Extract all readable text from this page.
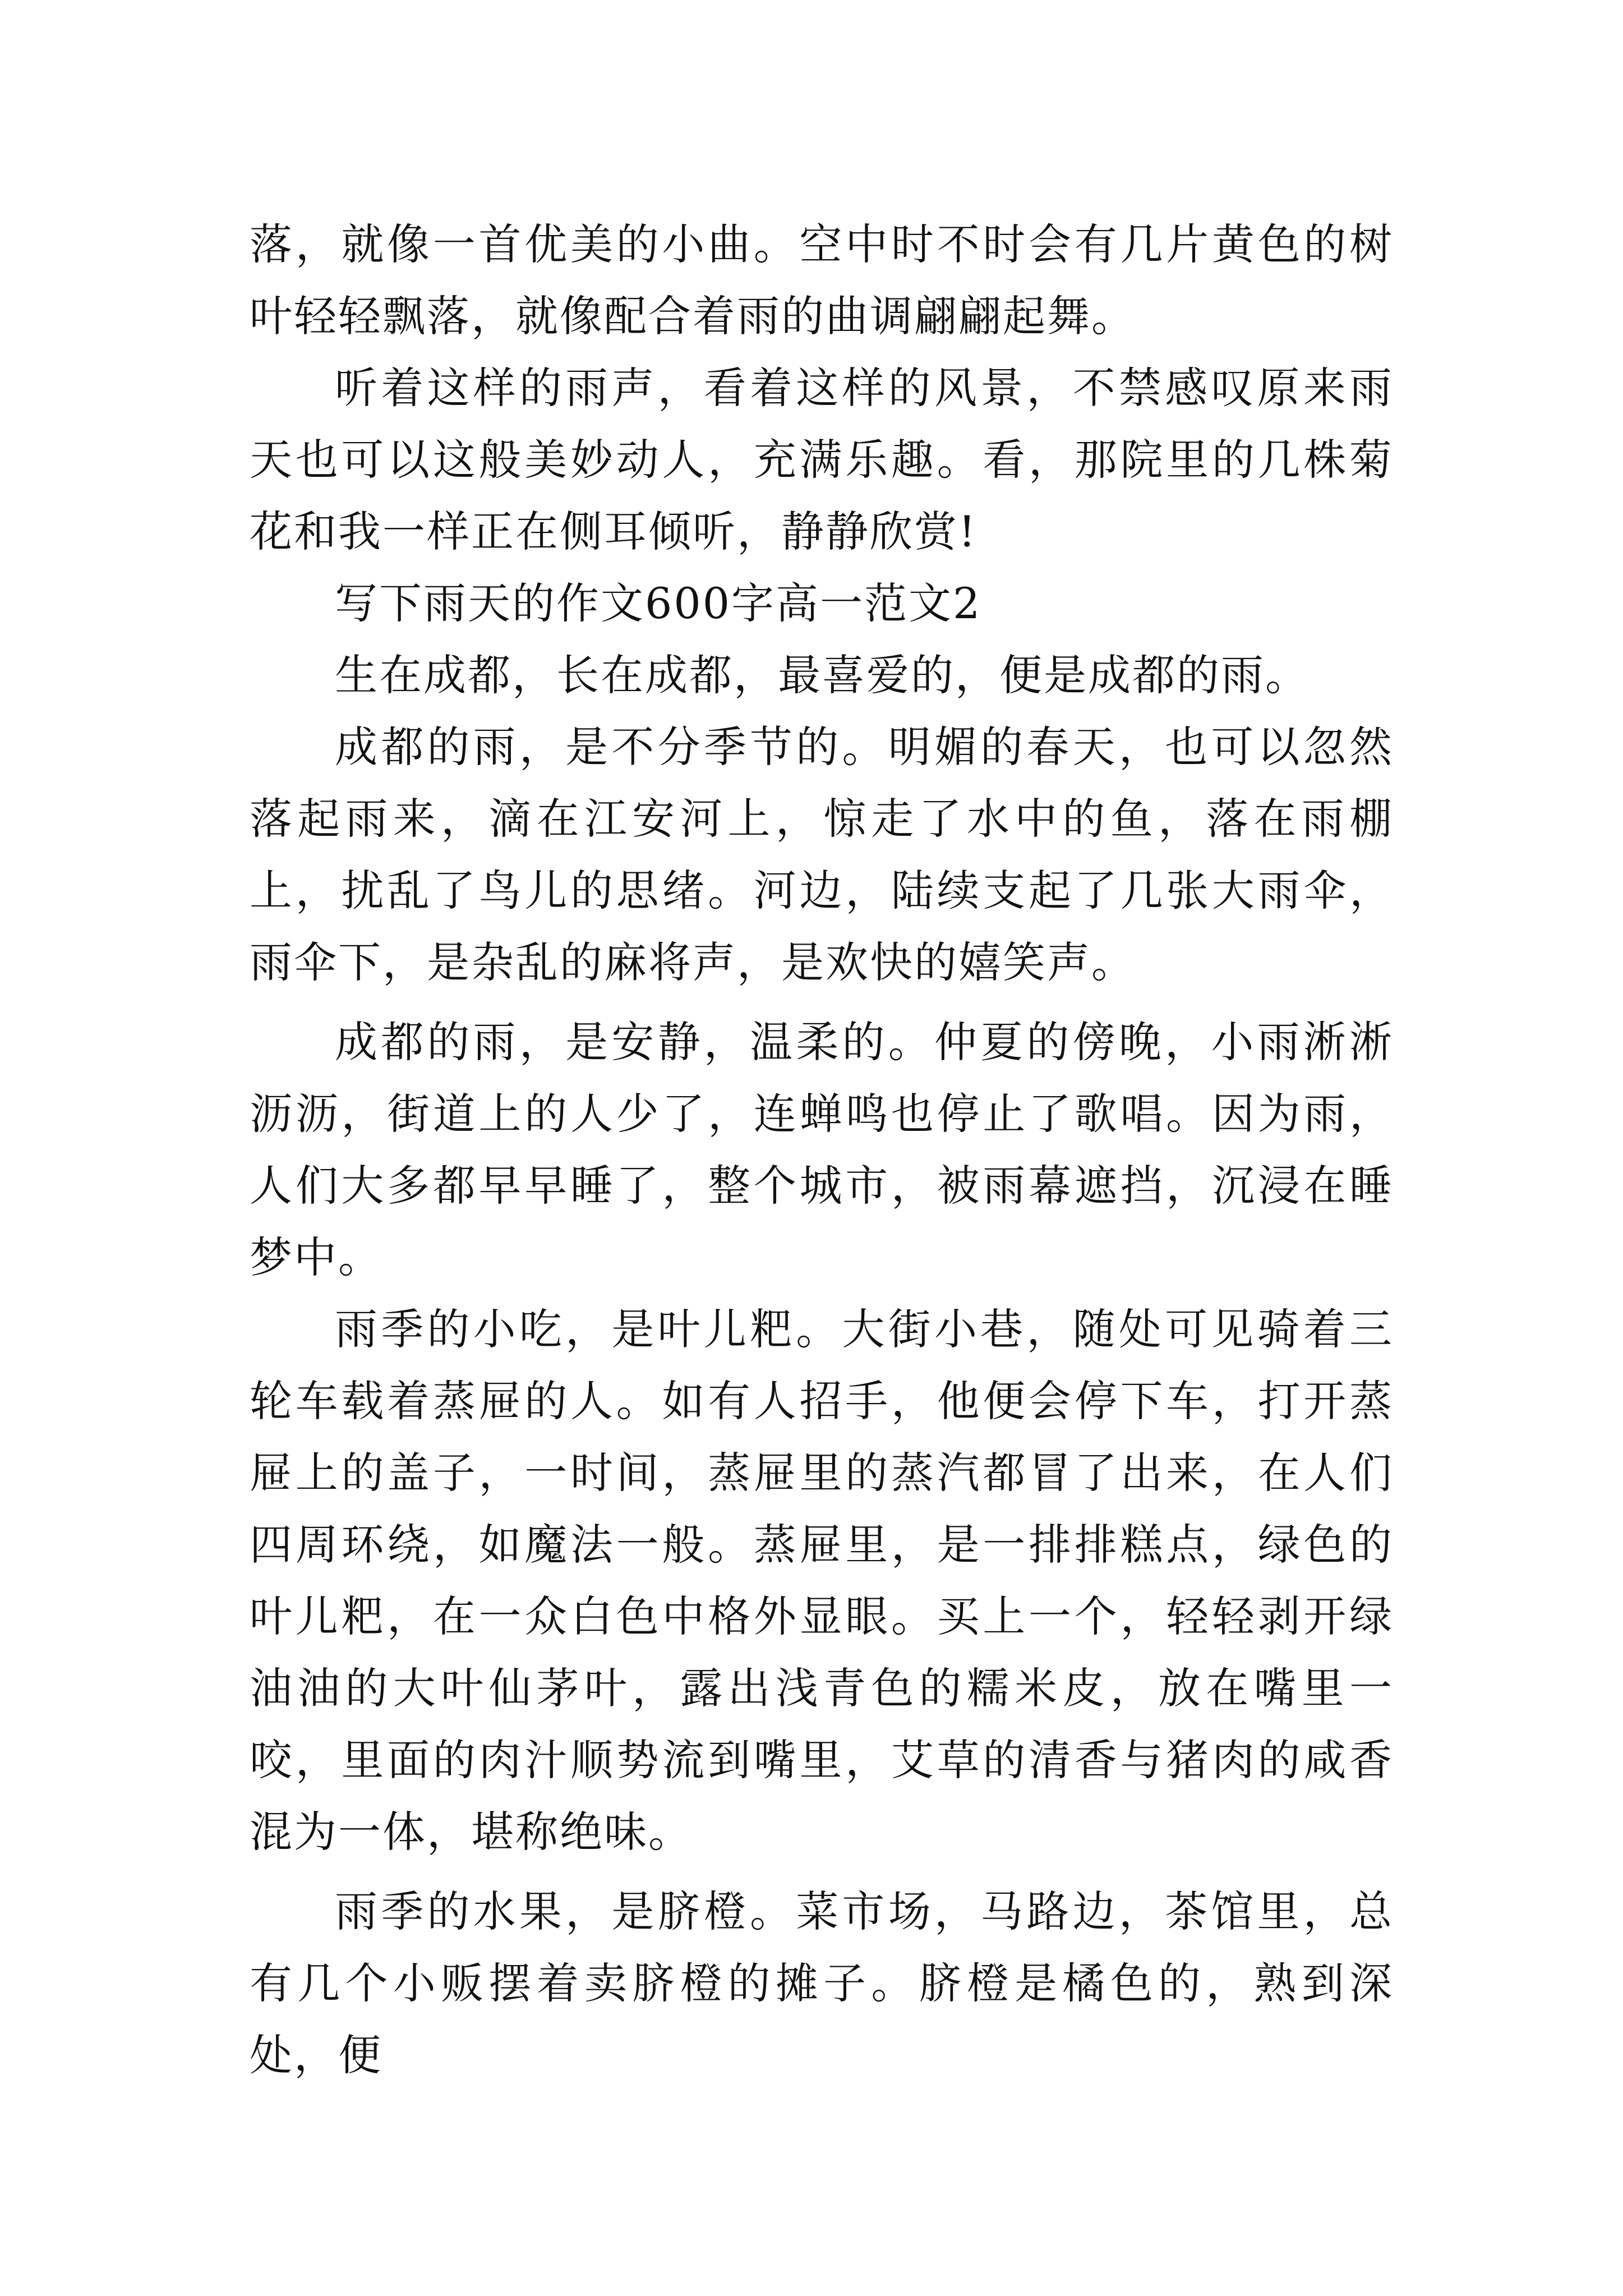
落，就像一首优美的小曲。空中时不时会有几片黄色的树叶轻轻飘落，就像配合着雨的曲调翩翩起舞。

听着这样的雨声，看着这样的风景，不禁感叹原来雨天也可以这般美妙动人，充满乐趣。看，那院里的几株菊花和我一样正在侧耳倾听，静静欣赏!

写下雨天的作文600字高一范文2

生在成都，长在成都，最喜爱的，便是成都的雨。

成都的雨，是不分季节的。明媚的春天，也可以忽然落起雨来，滴在江安河上，惊走了水中的鱼，落在雨棚上，扰乱了鸟儿的思绪。河边，陆续支起了几张大雨伞，雨伞下，是杂乱的麻将声，是欢快的嬉笑声。

成都的雨，是安静，温柔的。仲夏的傍晚，小雨淅淅沥沥，街道上的人少了，连蝉鸣也停止了歌唱。因为雨，人们大多都早早睡了，整个城市，被雨幕遮挡，沉浸在睡梦中。

雨季的小吃，是叶儿粑。大街小巷，随处可见骑着三轮车载着蒸屉的人。如有人招手，他便会停下车，打开蒸屉上的盖子，一时间，蒸屉里的蒸汽都冒了出来，在人们四周环绕，如魔法一般。蒸屉里，是一排排糕点，绿色的叶儿粑，在一众白色中格外显眼。买上一个，轻轻剥开绿油油的大叶仙茅叶，露出浅青色的糯米皮，放在嘴里一咬，里面的肉汁顺势流到嘴里，艾草的清香与猪肉的咸香混为一体，堪称绝味。

雨季的水果，是脐橙。菜市场，马路边，茶馆里，总有几个小贩摆着卖脐橙的摊子。脐橙是橘色的，熟到深处，便
